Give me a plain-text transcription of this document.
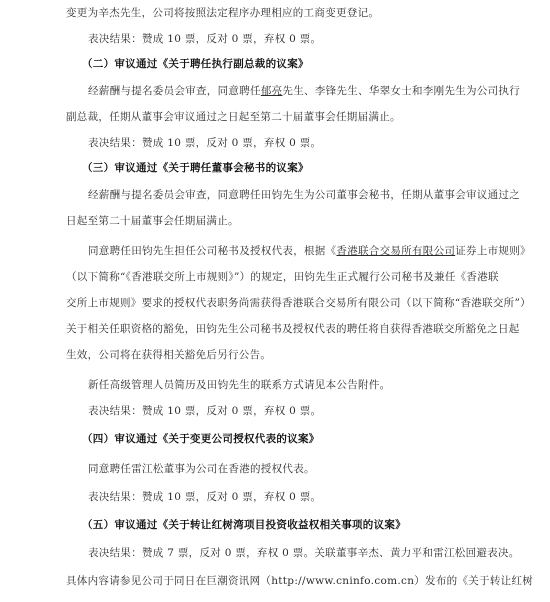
变更为辛杰先生，公司将按照法定程序办理相应的工商变更登记。
表决结果：赞成 10 票，反对 0 票，弃权 0 票。
（二）审议通过《关于聘任执行副总裁的议案》
经薪酬与提名委员会审查，同意聘任郁亮先生、李锋先生、华翠女士和李刚先生为公司执行
副总裁，任期从董事会审议通过之日起至第二十届董事会任期届满止。
表决结果：赞成 10 票，反对 0 票，弃权 0 票。
（三）审议通过《关于聘任董事会秘书的议案》
经薪酬与提名委员会审查，同意聘任田钧先生为公司董事会秘书，任期从董事会审议通过之
日起至第二十届董事会任期届满止。
同意聘任田钧先生担任公司秘书及授权代表，根据《香港联合交易所有限公司证券上市规则》
（以下简称“《香港联交所上市规则》”）的规定，田钧先生正式履行公司秘书及兼任《香港联
交所上市规则》要求的授权代表职务尚需获得香港联合交易所有限公司（以下简称“香港联交所”）
关于相关任职资格的豁免，田钧先生公司秘书及授权代表的聘任将自获得香港联交所豁免之日起
生效，公司将在获得相关豁免后另行公告。
新任高级管理人员简历及田钧先生的联系方式请见本公告附件。
表决结果：赞成 10 票，反对 0 票，弃权 0 票。
（四）审议通过《关于变更公司授权代表的议案》
同意聘任雷江松董事为公司在香港的授权代表。
表决结果：赞成 10 票，反对 0 票，弃权 0 票。
（五）审议通过《关于转让红树湾项目投资收益权相关事项的议案》
表决结果：赞成 7 票，反对 0 票，弃权 0 票。关联董事辛杰、黄力平和雷江松回避表决。
具体内容请参见公司于同日在巨潮资讯网（http://www.cninfo.com.cn）发布的《关于转让红树
